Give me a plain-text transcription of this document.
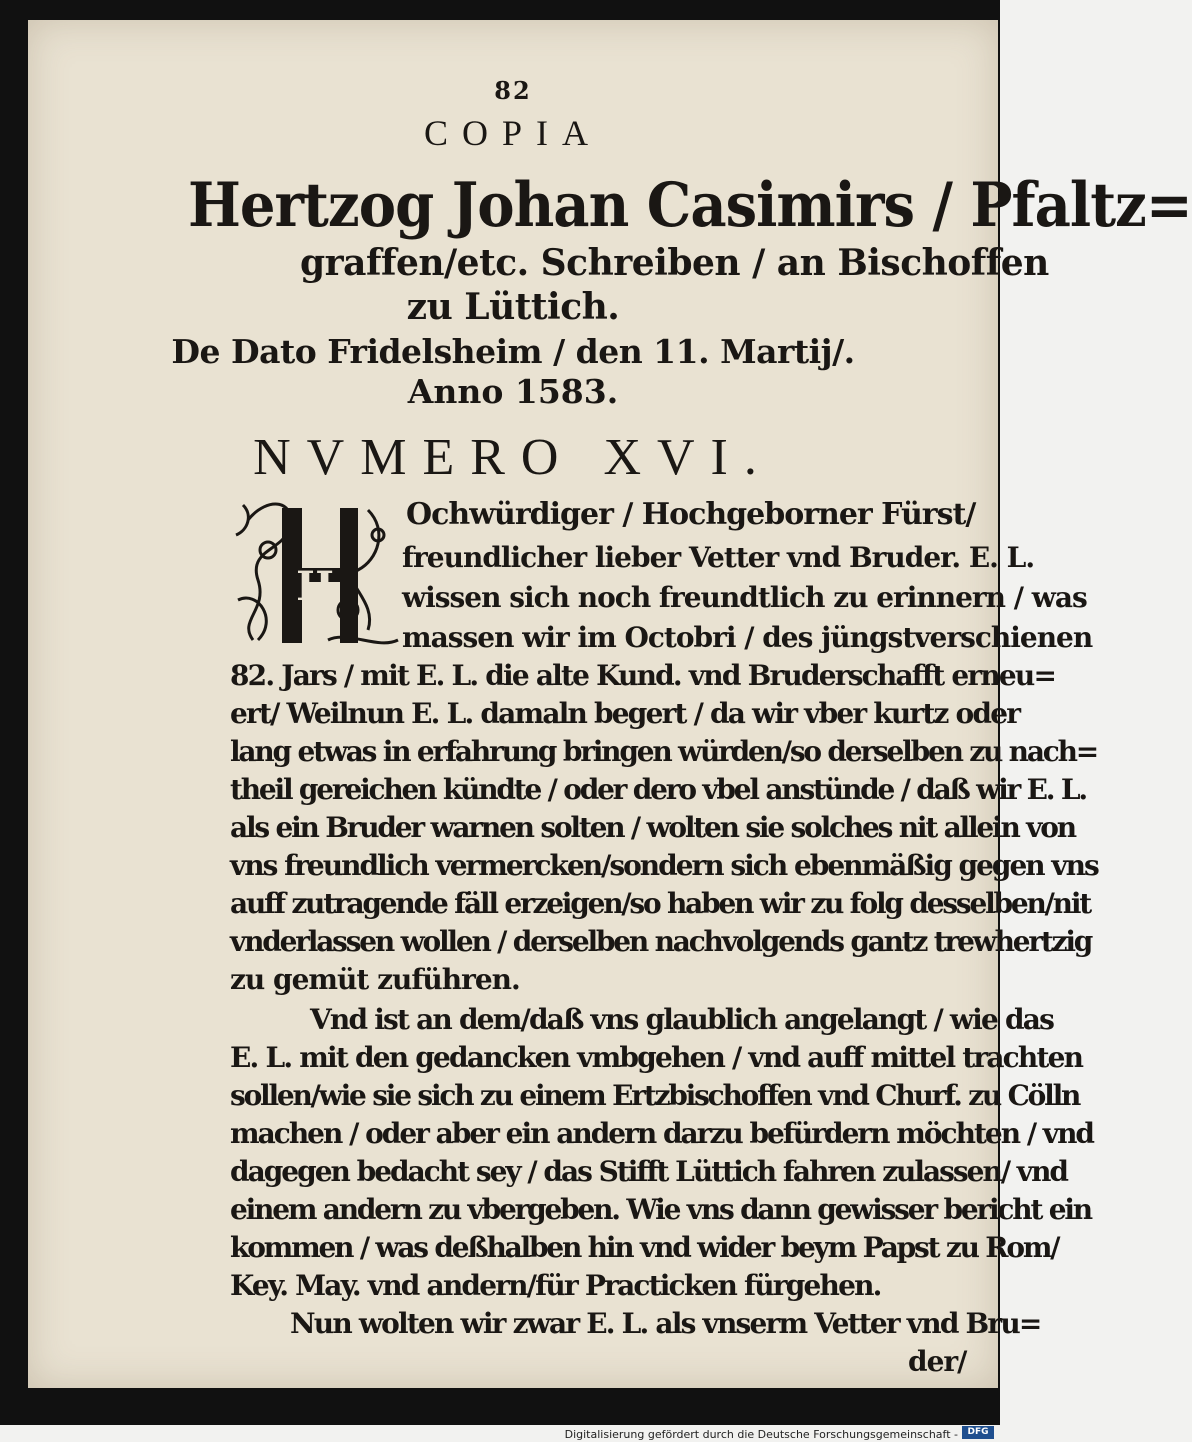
82
COPIA
Hertzog Johan Casimirs / Pfaltz=
graffen/etc. Schreiben / an Bischoffen
zu Lüttich.
De Dato Fridelsheim / den 11. Martij/.
Anno 1583.
NVMERO XVI.
H
Ochwürdiger / Hochgeborner Fürst/
freundlicher lieber Vetter vnd Bruder. E. L.
wissen sich noch freundtlich zu erinnern / was
massen wir im Octobri / des jüngstverschienen
82. Jars / mit E. L. die alte Kund. vnd Bruderschafft erneu=
ert/ Weilnun E. L. damaln begert / da wir vber kurtz oder
lang etwas in erfahrung bringen würden/so derselben zu nach=
theil gereichen kündte / oder dero vbel anstünde / daß wir E. L.
als ein Bruder warnen solten / wolten sie solches nit allein von
vns freundlich vermercken/sondern sich ebenmäßig gegen vns
auff zutragende fäll erzeigen/so haben wir zu folg desselben/nit
vnderlassen wollen / derselben nachvolgends gantz trewhertzig
zu gemüt zuführen.
Vnd ist an dem/daß vns glaublich angelangt / wie das
E. L. mit den gedancken vmbgehen / vnd auff mittel trachten
sollen/wie sie sich zu einem Ertzbischoffen vnd Churf. zu Cölln
machen / oder aber ein andern darzu befürdern möchten / vnd
dagegen bedacht sey / das Stifft Lüttich fahren zulassen/ vnd
einem andern zu vbergeben. Wie vns dann gewisser bericht ein
kommen / was deßhalben hin vnd wider beym Papst zu Rom/
Key. May. vnd andern/für Practicken fürgehen.
Nun wolten wir zwar E. L. als vnserm Vetter vnd Bru=
der/
Digitalisierung gefördert durch die Deutsche Forschungsgemeinschaft -	DFG
